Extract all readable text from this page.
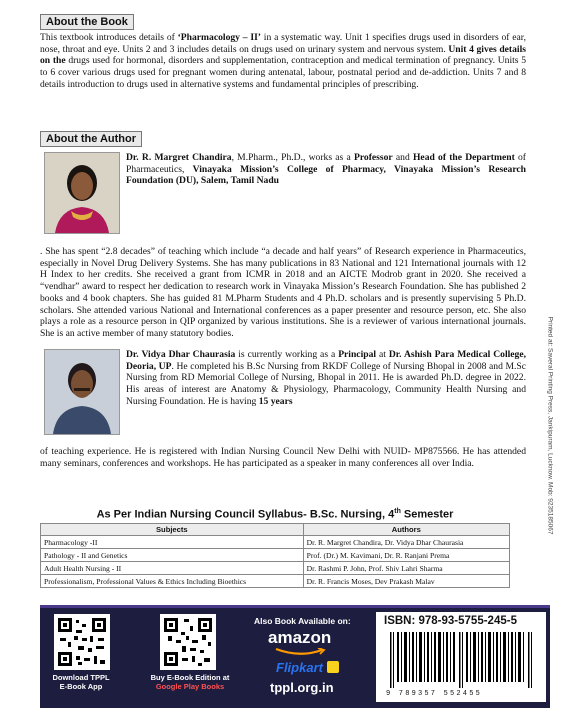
About the Book
This textbook introduces details of ‘Pharmacology – II’ in a systematic way. Unit 1 specifies drugs used in disorders of ear, nose, throat and eye. Units 2 and 3 includes details on drugs used on urinary system and nervous system. Unit 4 gives details on the drugs used for hormonal, disorders and supplementation, contraception and medical termination of pregnancy. Units 5 to 6 cover various drugs used for pregnant women during antenatal, labour, postnatal period and de-addiction. Units 7 and 8 details introduction to drugs used in alternative systems and fundamental principles of prescribing.
About the Author
Dr. R. Margret Chandira, M.Pharm., Ph.D., works as a Professor and Head of the Department of Pharmaceutics, Vinayaka Mission’s College of Pharmacy, Vinayaka Mission’s Research Foundation (DU), Salem, Tamil Nadu
. She has spent “2.8 decades” of teaching which include “a decade and half years” of Research experience in Pharmaceutics, especially in Novel Drug Delivery Systems. She has many publications in 83 National and 121 International journals with 12 H Index to her credits. She received a grant from ICMR in 2018 and an AICTE Modrob grant in 2020. She received a “vendhar” award to respect her dedication to research work in Vinayaka Mission’s Research Foundation. She has published 2 books and 4 book chapters. She has guided 81 M.Pharm Students and 4 Ph.D. scholars and is presently supervising 5 Ph.D. scholars. She attended various National and International conferences as a paper presenter and resource person, etc. She also plays a role as a resource person in QIP organized by various institutions. She is a reviewer of various international journals. She is an active member of many statutory bodies.
Dr. Vidya Dhar Chaurasia is currently working as a Principal at Dr. Ashish Para Medical College, Deoria, UP. He completed his B.Sc Nursing from RKDF College of Nursing Bhopal in 2008 and M.Sc Nursing from RD Memorial College of Nursing, Bhopal in 2011. He is awarded Ph.D. degree in 2022. His areas of interest are Anatomy & Physiology, Pharmacology, Community Health Nursing and Nursing Foundation. He is having 15 years
of teaching experience. He is registered with Indian Nursing Council New Delhi with NUID- MP875566. He has attended many seminars, conferences and workshops. He has participated as a speaker in many conferences all over India.	Printed at: Saveral Printing Press, Jankipuram, Lucknow. Mob: 9235185067
As Per Indian Nursing Council Syllabus- B.Sc. Nursing, 4th Semester
Subjects	Authors
Pharmacology -II	Dr. R. Margret Chandira, Dr. Vidya Dhar Chaurasia
Pathology - II and Genetics	Prof. (Dr.) M. Kavimani, Dr. R. Ranjani Prema
Adult Health Nursing - II	Dr. Rashmi P. John, Prof. Shiv Lahri Sharma
Professionalism, Professional Values & Ethics Including Bioethics	Dr. R. Francis Moses, Dev Prakash Malav
Download TPPL
E-Book App
Buy E-Book Edition at
Google Play Books
Also Book Available on:
amazon
Flipkart
tppl.org.in
ISBN: 978-93-5755-245-5
9 789357 552455
